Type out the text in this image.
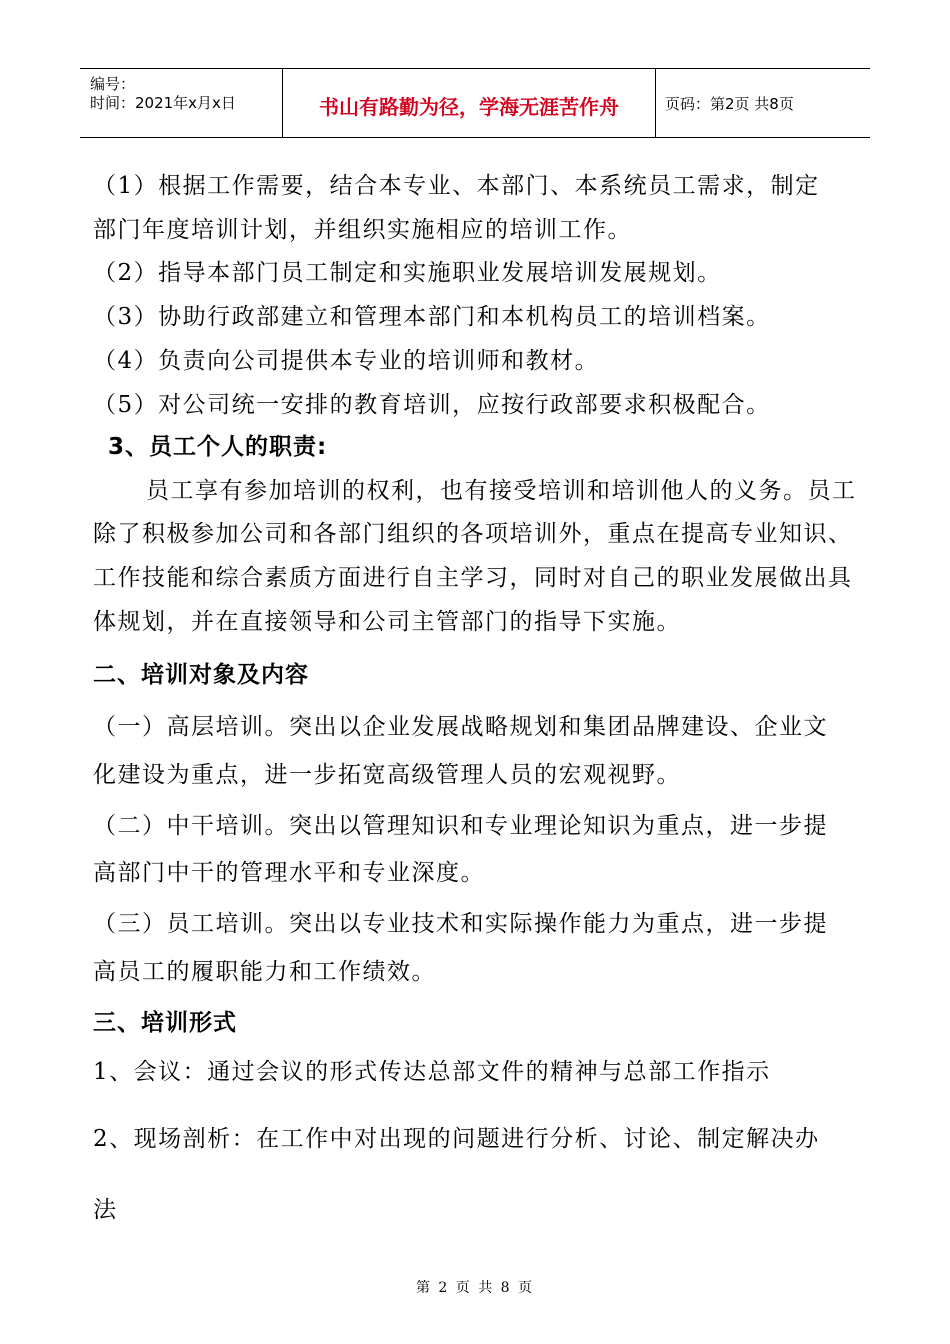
编号：
时间：2021年x月x日	书山有路勤为径，学海无涯苦作舟	页码：第2页 共8页
（1）根据工作需要，结合本专业、本部门、本系统员工需求，制定
部门年度培训计划，并组织实施相应的培训工作。
（2）指导本部门员工制定和实施职业发展培训发展规划。
（3）协助行政部建立和管理本部门和本机构员工的培训档案。
（4）负责向公司提供本专业的培训师和教材。
（5）对公司统一安排的教育培训，应按行政部要求积极配合。
3、员工个人的职责:
员工享有参加培训的权利，也有接受培训和培训他人的义务。员工
除了积极参加公司和各部门组织的各项培训外，重点在提高专业知识、
工作技能和综合素质方面进行自主学习，同时对自己的职业发展做出具
体规划，并在直接领导和公司主管部门的指导下实施。
二、培训对象及内容
（一）高层培训。突出以企业发展战略规划和集团品牌建设、企业文
化建设为重点，进一步拓宽高级管理人员的宏观视野。
（二）中干培训。突出以管理知识和专业理论知识为重点，进一步提
高部门中干的管理水平和专业深度。
（三）员工培训。突出以专业技术和实际操作能力为重点，进一步提
高员工的履职能力和工作绩效。
三、培训形式
1、会议：通过会议的形式传达总部文件的精神与总部工作指示
2、现场剖析：在工作中对出现的问题进行分析、讨论、制定解决办
法
第 2 页 共 8 页
